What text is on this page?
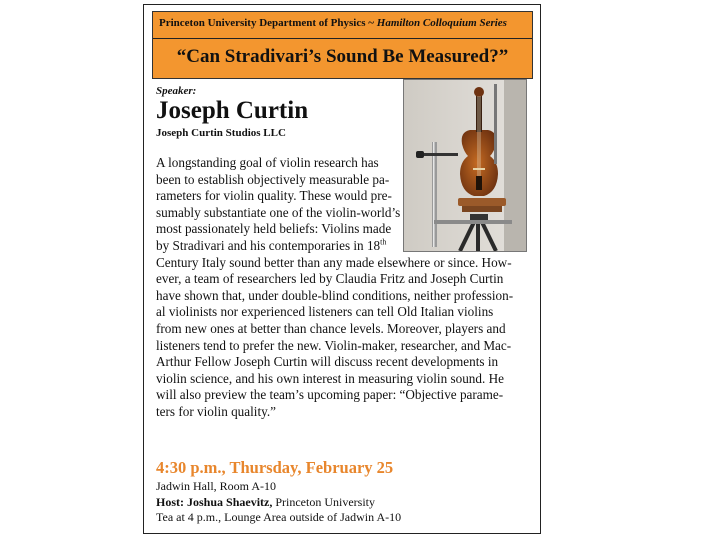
Princeton University Department of Physics ~ Hamilton Colloquium Series
“Can Stradivari’s Sound Be Measured?”
Speaker:
Joseph Curtin
Joseph Curtin Studios LLC
A longstanding goal of violin research has
been to establish objectively measurable pa-
rameters for violin quality. These would pre-
sumably substantiate one of the violin-world’s
most passionately held beliefs: Violins made
by Stradivari and his contemporaries in 18th
Century Italy sound better than any made elsewhere or since. How-
ever, a team of researchers led by Claudia Fritz and Joseph Curtin
have shown that, under double-blind conditions, neither profession-
al violinists nor experienced listeners can tell Old Italian violins
from new ones at better than chance levels. Moreover, players and
listeners tend to prefer the new. Violin-maker, researcher, and Mac-
Arthur Fellow Joseph Curtin will discuss recent developments in
violin science, and his own interest in measuring violin sound. He
will also preview the team’s upcoming paper: “Objective parame-
ters for violin quality.”
4:30 p.m., Thursday, February 25
Jadwin Hall, Room A-10
Host: Joshua Shaevitz, Princeton University
Tea at 4 p.m., Lounge Area outside of Jadwin A-10
